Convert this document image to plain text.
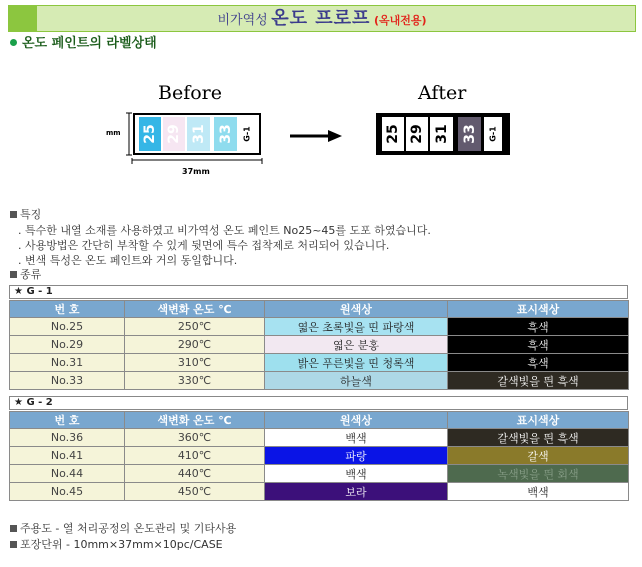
비가역성 온도 프로프 (옥내전용)
온도 페인트의 라벨상태
Before	After
mm 25 29 31 33 G-1	25 29 31 33 G-1
37mm
특징
. 특수한 내열 소재를 사용하였고 비가역성 온도 페인트 No25~45를 도포 하였습니다.
. 사용방법은 간단히 부착할 수 있게 뒷면에 특수 접착제로 처리되어 있습니다.
. 변색 특성은 온도 페인트와 거의 동일합니다.
종류
★ G - 1
번 호	색변화 온도 ℃	원색상	표시색상
No.25	250℃	엷은 초록빛을 띤 파랑색	흑색
No.29	290℃	엷은 분홍	흑색
No.31	310℃	밝은 푸른빛을 띤 청록색	흑색
No.33	330℃	하늘색	갈색빛을 띈 흑색
★ G - 2
번 호	색변화 온도 ℃	원색상	표시색상
No.36	360℃	백색	갈색빛을 띈 흑색
No.41	410℃	파랑	갈색
No.44	440℃	백색	녹색빛을 띈 회색
No.45	450℃	보라	백색
주용도 - 열 처리공정의 온도관리 및 기타사용
포장단위 - 10mm×37mm×10pc/CASE
